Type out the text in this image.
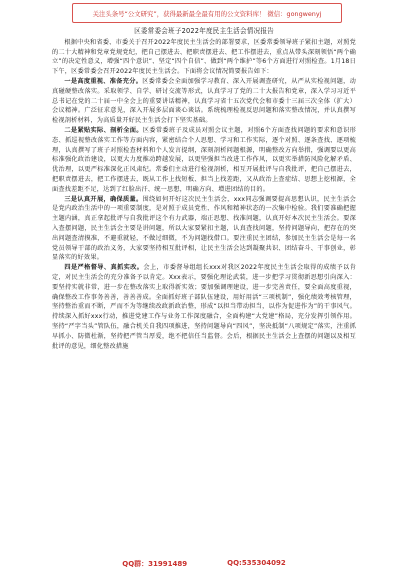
关注头条号“公文研究”，获得最新最全最有用的公文资料库！ 微信：gongwenyj
区委常委会班子2022年度民主生活会情况报告

根据中央和省委、市委关于召开2022年度民主生活会的部署要求，区委常委领导班子紧扣主题，对照党的二十大精神和党章党规党纪，把自己摆进去、把职责摆进去、把工作摆进去，重点从带头深刻领悟“两个确立”的决定性意义，增强“四个意识”、坚定“四个自信”、做到“两个维护”等6个方面进行对照检查。1月18日下午，区委常委会召开2022年度民主生活会。下面将会议情况简要报告如下：

一是高度重视、准备充分。区委常委会全面加强学习教育、深入开展调查研究，从严从实检视问题，动真碰硬整改落实。采取领学、自学、研讨交流等形式，认真学习了党的二十大报告和党章，深入学习习近平总书记在党的二十届一中全会上的重要讲话精神，认真学习省十五次党代会和市委十三届三次全体（扩大）会议精神。广泛征求意见，深入开展多层面谈心谈话。系统梳理检视反思问题和落实整改情况，并认真撰写检视剖析材料，为高质量开好民主生活会打下坚实基础。

二是紧贴实际、剖析全面。区委常委班子及成员对照会议主题，对照6个方面查找问题的要求和意识形态、抓巡视整改落实工作等方面内容，紧密结合个人思想、学习和工作实际，逐个对照、逐条查找、逐项梳理，认真撰写了班子对照检查材料和个人发言提纲，深刻剖析问题根源，明确整改方向举措，强调要以更高标准强化政治建设，以更大力度推动跨越发展，以更坚强担当改进工作作风，以更实举措防风险化解矛盾、优治理，以更严标准深化正风肃纪。常委们主动进行检视剖析，相互开展批评与自我批评，把自己摆进去，把职责摆进去，把工作摆进去，既从工作上找短板、担当上找差距，又从政治上查症结、思想上挖根源，全面查找差距不足，达到了红脸出汗、统一思想，明确方向、增进团结的目的。

三是认真开展，确保质量。围绕如何开好这次民主生活会，xxx同志强调要提高思想认识，民主生活会是党内政治生活中的一项重要制度，是对照于成员党性、作风和精神状态的一次集中检验。我们要准确把握主题内涵，真正拿起批评与自我批评这个有力武器，端正思想、找准问题，认真开好本次民主生活会。要深入查摆问题，民主生活会主要是讲问题，所以大家要紧扣主题，认真查找问题，坚持问题导向，把存在的突出问题查清摸准，不避重就轻，不做过细微，不为问题找借口。要注重民主团结，参加民主生活会是每一名党员领导干部的政治义务，大家要坚持相互批评相，让民主生活会达到凝聚共识、团结奋斗、干事创业，彰显落实的好效果。

四是严格督导、真抓实改。会上，市委督导组组长xxx对我区2022年度民主生活会取得的成绩予以肯定，对民主生活会的充分准备予以肯定。Xxx表示，要强化理论武装，进一步把学习贯彻新思想引向深入：要坚持实就非常，进一步在整改落实上取得新实效；要加强调理建设，进一步完善责任，要全面高度重视，确保整改工作事务善善，善善善成。全面抓好班子部队伍建设，用好用活“三项机制”，强化绩效考核管理，坚持整治重而不断，严而不为等继续改政新政治整，形成“以担当带动担当，以作为促进作为”的干事风气。持续深入抓好xxx行动，推进党建工作与业务工作深度融合，全面构建“大党建”格局，充分发挥引领作用。坚持“严字当头”管队伍，融合机关自我四项推进，坚持问题导向“四风”，坚决抵制“八项规定”落实，注重抓早抓小、防微杜渐，坚持把严管当厚爱，绝不把信任当监督。会后，根据民主生活会上查摆的问题以及相互批评的意见，细化整改措施

QQ群：31991489	QQ:535304092
